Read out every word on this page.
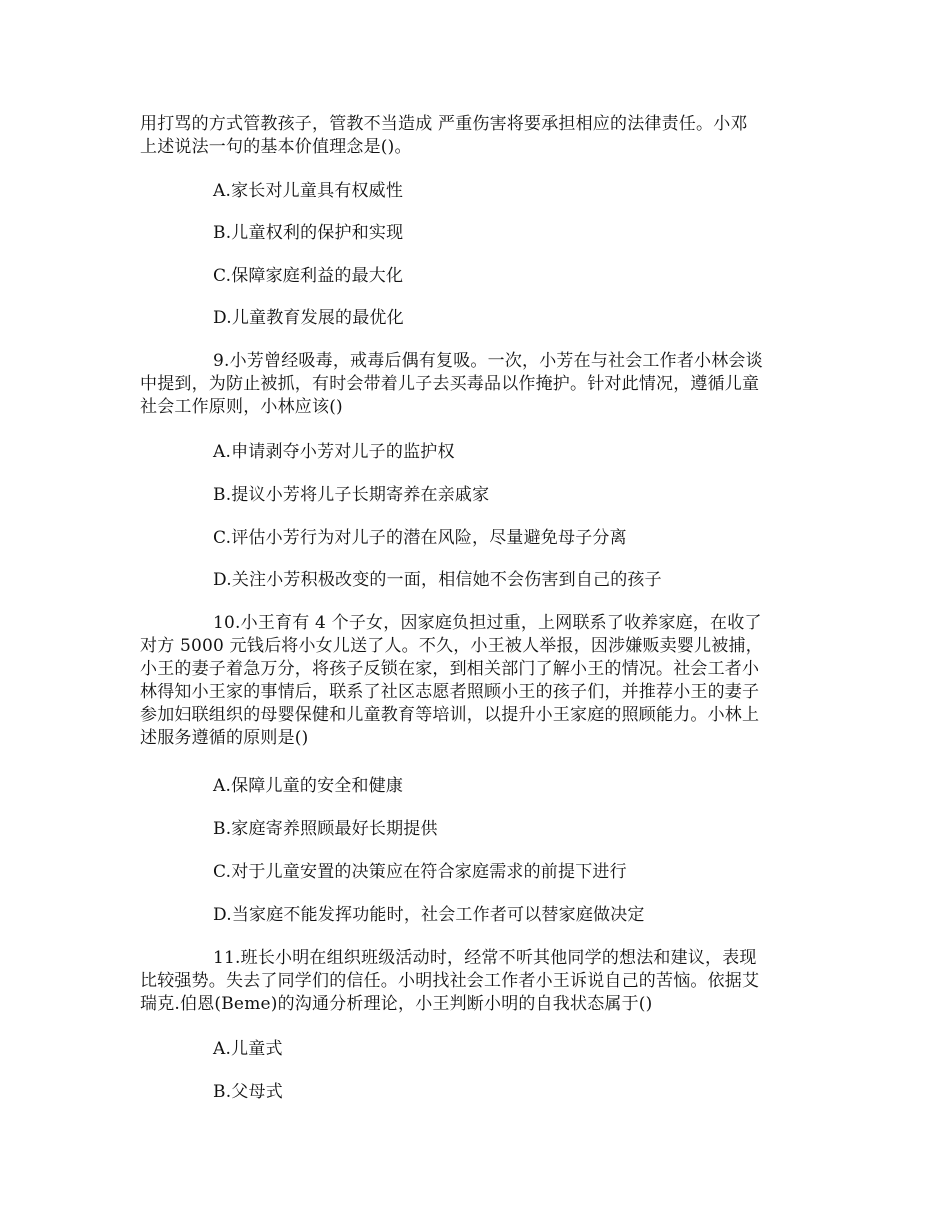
用打骂的方式管教孩子，管教不当造成 严重伤害将要承担相应的法律责任。小邓
上述说法一句的基本价值理念是()。
A.家长对儿童具有权威性
B.儿童权利的保护和实现
C.保障家庭利益的最大化
D.儿童教育发展的最优化
9.小芳曾经吸毒，戒毒后偶有复吸。一次，小芳在与社会工作者小林会谈
中提到，为防止被抓，有时会带着儿子去买毒品以作掩护。针对此情况，遵循儿童
社会工作原则，小林应该()
A.申请剥夺小芳对儿子的监护权
B.提议小芳将儿子长期寄养在亲戚家
C.评估小芳行为对儿子的潜在风险，尽量避免母子分离
D.关注小芳积极改变的一面，相信她不会伤害到自己的孩子
10.小王育有 4 个子女，因家庭负担过重，上网联系了收养家庭，在收了
对方 5000 元钱后将小女儿送了人。不久，小王被人举报，因涉嫌贩卖婴儿被捕，
小王的妻子着急万分，将孩子反锁在家，到相关部门了解小王的情况。社会工者小
林得知小王家的事情后，联系了社区志愿者照顾小王的孩子们，并推荐小王的妻子
参加妇联组织的母婴保健和儿童教育等培训，以提升小王家庭的照顾能力。小林上
述服务遵循的原则是()
A.保障儿童的安全和健康
B.家庭寄养照顾最好长期提供
C.对于儿童安置的决策应在符合家庭需求的前提下进行
D.当家庭不能发挥功能时，社会工作者可以替家庭做决定
11.班长小明在组织班级活动时，经常不听其他同学的想法和建议，表现
比较强势。失去了同学们的信任。小明找社会工作者小王诉说自己的苦恼。依据艾
瑞克.伯恩(Beme)的沟通分析理论，小王判断小明的自我状态属于()
A.儿童式
B.父母式
